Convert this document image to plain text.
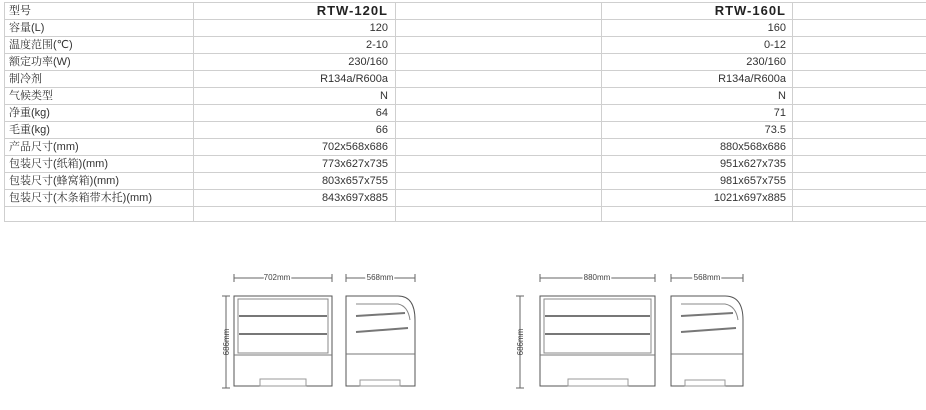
型号	RTW-120L		RTW-160L	
容量(L)	120		160	
温度范围(℃)	2-10		0-12	
额定功率(W)	230/160		230/160	
制冷剂	R134a/R600a		R134a/R600a	
气候类型	N		N	
净重(kg)	64		71	
毛重(kg)	66		73.5	
产品尺寸(mm)	702x568x686		880x568x686	
包装尺寸(纸箱)(mm)	773x627x735		951x627x735	
包装尺寸(蜂窝箱)(mm)	803x657x755		981x657x755	
包装尺寸(木条箱带木托)(mm)	843x697x885		1021x697x885	

702mm	568mm
686mm
880mm	568mm
686mm
